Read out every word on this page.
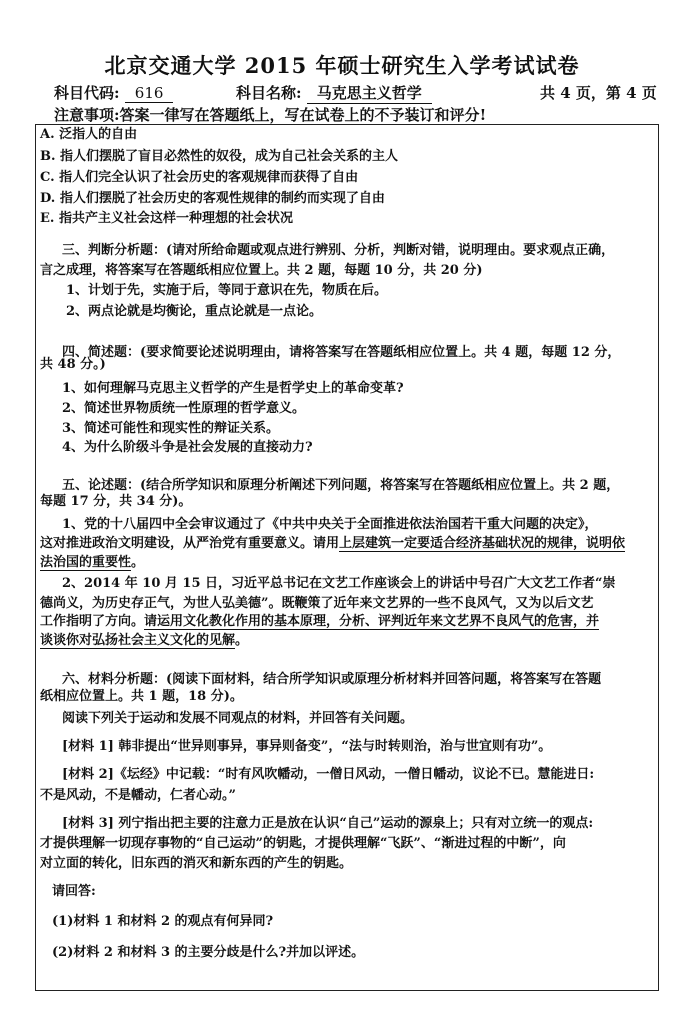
北京交通大学 2015 年硕士研究生入学考试试卷
科目代码: 616	科目名称: 马克思主义哲学	共 4 页，第 4 页
注意事项:答案一律写在答题纸上，写在试卷上的不予装订和评分!
A. 泛指人的自由
B. 指人们摆脱了盲目必然性的奴役，成为自己社会关系的主人
C. 指人们完全认识了社会历史的客观规律而获得了自由
D. 指人们摆脱了社会历史的客观性规律的制约而实现了自由
E. 指共产主义社会这样一种理想的社会状况
三、判断分析题：(请对所给命题或观点进行辨别、分析，判断对错，说明理由。要求观点正确，
言之成理，将答案写在答题纸相应位置上。共 2 题，每题 10 分，共 20 分)
1、计划于先，实施于后，等同于意识在先，物质在后。
2、两点论就是均衡论，重点论就是一点论。
四、简述题：(要求简要论述说明理由，请将答案写在答题纸相应位置上。共 4 题，每题 12 分，
共 48 分。)
1、如何理解马克思主义哲学的产生是哲学史上的革命变革?
2、简述世界物质统一性原理的哲学意义。
3、简述可能性和现实性的辩证关系。
4、为什么阶级斗争是社会发展的直接动力?
五、论述题：(结合所学知识和原理分析阐述下列问题，将答案写在答题纸相应位置上。共 2 题，
每题 17 分，共 34 分)。
1、党的十八届四中全会审议通过了《中共中央关于全面推进依法治国若干重大问题的决定》，
这对推进政治文明建设，从严治党有重要意义。请用上层建筑一定要适合经济基础状况的规律，说明依
法治国的重要性。
2、2014 年 10 月 15 日，习近平总书记在文艺工作座谈会上的讲话中号召广大文艺工作者“崇
德尚义，为历史存正气，为世人弘美德”。既鞭策了近年来文艺界的一些不良风气，又为以后文艺
工作指明了方向。请运用文化教化作用的基本原理，分析、评判近年来文艺界不良风气的危害，并
谈谈你对弘扬社会主义文化的见解。
六、材料分析题：(阅读下面材料，结合所学知识或原理分析材料并回答问题，将答案写在答题
纸相应位置上。共 1 题，18 分)。
阅读下列关于运动和发展不同观点的材料，并回答有关问题。
[材料 1] 韩非提出“世异则事异，事异则备变”，“法与时转则治，治与世宜则有功”。
[材料 2]《坛经》中记载：“时有风吹幡动，一僧日风动，一僧日幡动，议论不已。慧能进日:
不是风动，不是幡动，仁者心动。”
[材料 3] 列宁指出把主要的注意力正是放在认识“自己”运动的源泉上；只有对立统一的观点:
才提供理解一切现存事物的“自己运动”的钥匙，才提供理解“飞跃”、“渐进过程的中断”，向
对立面的转化，旧东西的消灭和新东西的产生的钥匙。
请回答:
(1)材料 1 和材料 2 的观点有何异同?
(2)材料 2 和材料 3 的主要分歧是什么?并加以评述。
